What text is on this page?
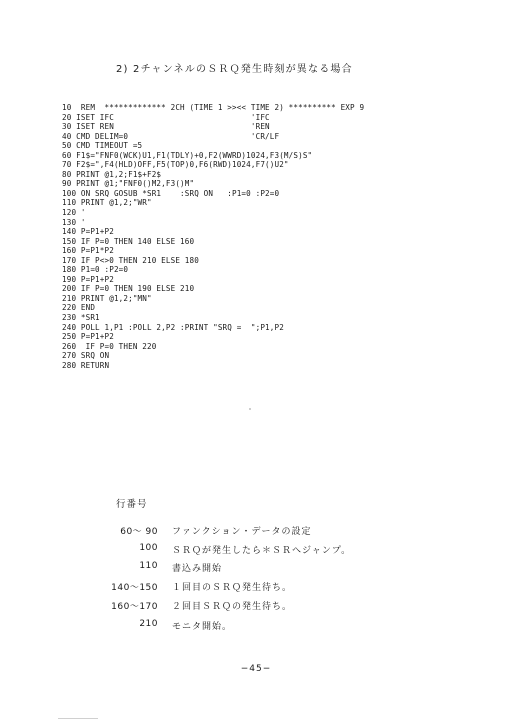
2) 2チャンネルのＳＲＱ発生時刻が異なる場合
10  REM  ************* 2CH (TIME 1 >><< TIME 2) ********** EXP 9
20 ISET IFC                             'IFC
30 ISET REN                             'REN
40 CMD DELIM=0                          'CR/LF
50 CMD TIMEOUT =5
60 F1$="FNF0(WCK)U1,F1(TDLY)+0,F2(WWRD)1024,F3(M/S)S"
70 F2$=",F4(HLD)OFF,F5(TOP)0,F6(RWD)1024,F7()U2"
80 PRINT @1,2;F1$+F2$
90 PRINT @1;"FNF0()M2,F3()M"
100 ON SRQ GOSUB *SR1    :SRQ ON   :P1=0 :P2=0
110 PRINT @1,2;"WR"
120 '
130 '
140 P=P1+P2
150 IF P=0 THEN 140 ELSE 160
160 P=P1*P2
170 IF P<>0 THEN 210 ELSE 180
180 P1=0 :P2=0
190 P=P1+P2
200 IF P=0 THEN 190 ELSE 210
210 PRINT @1,2;"MN"
220 END
230 *SR1
240 POLL 1,P1 :POLL 2,P2 :PRINT "SRQ =  ";P1,P2
250 P=P1+P2
260  IF P=0 THEN 220
270 SRQ ON
280 RETURN
行番号
60～ 90 ファンクション・データの設定
100 ＳＲＱが発生したら＊ＳＲへジャンプ。
110 書込み開始
140～150 １回目のＳＲＱ発生待ち。
160～170 ２回目ＳＲＱの発生待ち。
210 モニタ開始。
−45−
